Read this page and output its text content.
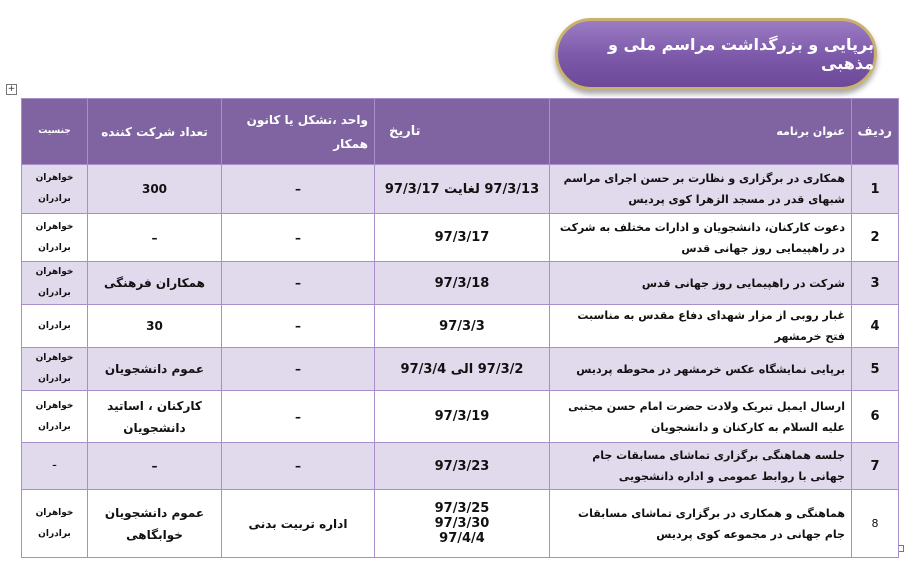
برپایی و بزرگداشت مراسم ملی و مذهبی
+
ردیف	عنوان برنامه	تاریخ	واحد ،تشکل یا کانون همکار	تعداد شرکت کننده	جنسیت
1	همکاری در برگزاری و نظارت بر حسن اجرای مراسم شبهای قدر در مسجد الزهرا کوی پردیس	97/3/13 لغایت 97/3/17	–	300	خواهران
برادران

2	دعوت کارکنان، دانشجویان و ادارات مختلف به شرکت در راهپیمایی روز جهانی قدس	97/3/17	–	–	خواهران
برادران

3	شرکت در راهپیمایی روز جهانی قدس	97/3/18	–	همکاران فرهنگی	خواهران
برادران

4	غبار روبی از مزار شهدای دفاع مقدس به مناسبت فتح خرمشهر	97/3/3	–	30	برادران

5	برپایی نمایشگاه عکس خرمشهر در محوطه پردیس	97/3/2 الی 97/3/4	–	عموم دانشجویان	خواهران
برادران

6	ارسال ایمیل تبریک ولادت حضرت امام حسن مجتبی علیه السلام به کارکنان و دانشجویان	97/3/19	–	کارکنان ، اساتید
دانشجویان	خواهران
برادران

7	جلسه هماهنگی برگزاری تماشای مسابقات جام جهانی با روابط عمومی و اداره دانشجویی	97/3/23	–	–	–

8	هماهنگی و همکاری در برگزاری تماشای مسابقات جام جهانی در مجموعه کوی پردیس	97/3/25
97/3/30
97/4/4	اداره تربیت بدنی	عموم دانشجویان
خوابگاهی	خواهران
برادران
